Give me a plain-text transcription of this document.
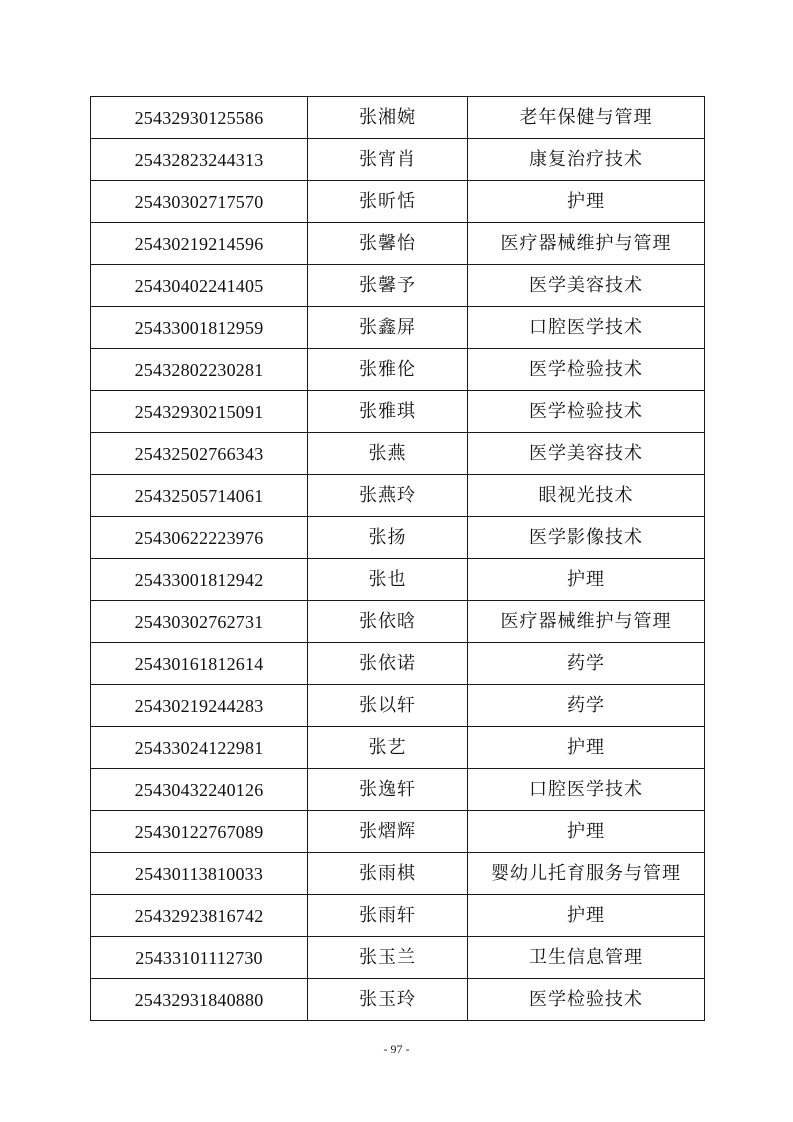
25432930125586	张湘婉	老年保健与管理
25432823244313	张宵肖	康复治疗技术
25430302717570	张昕恬	护理
25430219214596	张馨怡	医疗器械维护与管理
25430402241405	张馨予	医学美容技术
25433001812959	张鑫屏	口腔医学技术
25432802230281	张雅伦	医学检验技术
25432930215091	张雅琪	医学检验技术
25432502766343	张燕	医学美容技术
25432505714061	张燕玲	眼视光技术
25430622223976	张扬	医学影像技术
25433001812942	张也	护理
25430302762731	张依晗	医疗器械维护与管理
25430161812614	张依诺	药学
25430219244283	张以轩	药学
25433024122981	张艺	护理
25430432240126	张逸轩	口腔医学技术
25430122767089	张熠辉	护理
25430113810033	张雨棋	婴幼儿托育服务与管理
25432923816742	张雨轩	护理
25433101112730	张玉兰	卫生信息管理
25432931840880	张玉玲	医学检验技术
- 97 -
